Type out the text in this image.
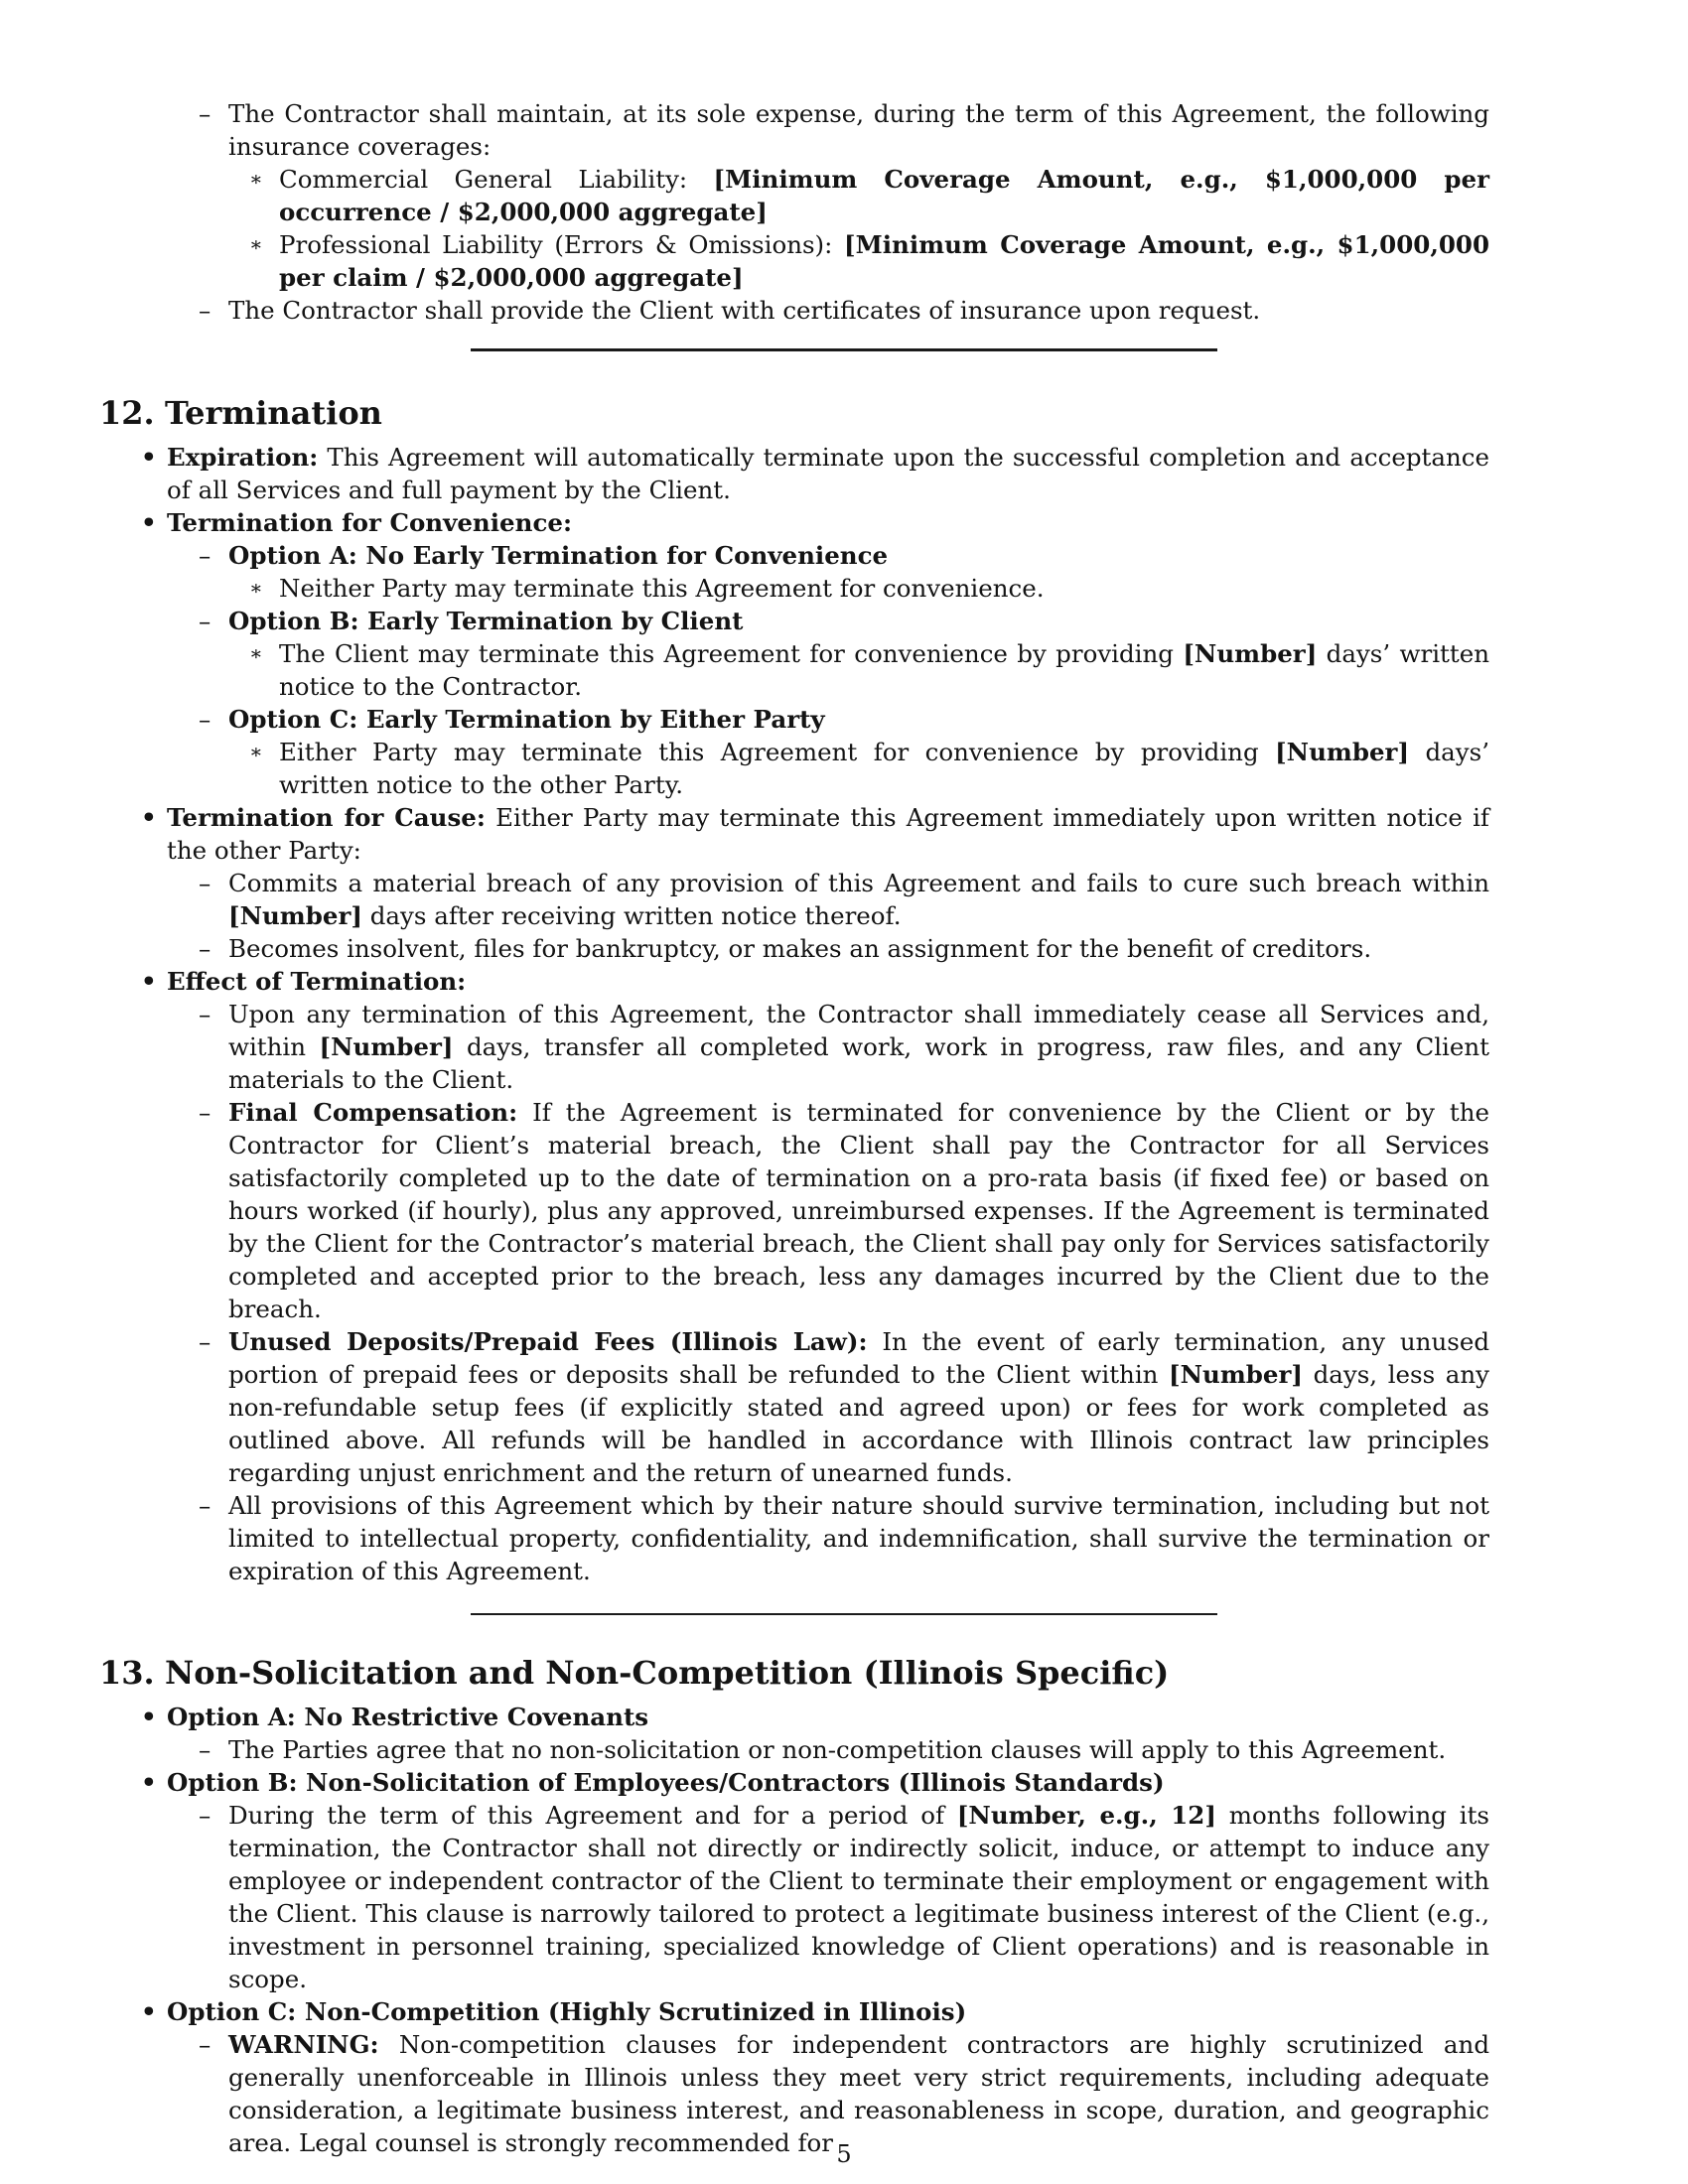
– The Contractor shall maintain, at its sole expense, during the term of this Agreement, the following insurance coverages:
∗ Commercial General Liability: [Minimum Coverage Amount, e.g., $1,000,000 per occurrence / $2,000,000 aggregate]
∗ Professional Liability (Errors & Omissions): [Minimum Coverage Amount, e.g., $1,000,000 per claim / $2,000,000 aggregate]
– The Contractor shall provide the Client with certificates of insurance upon request.
12. Termination
• Expiration: This Agreement will automatically terminate upon the successful completion and acceptance of all Services and full payment by the Client.
• Termination for Convenience:
– Option A: No Early Termination for Convenience
∗ Neither Party may terminate this Agreement for convenience.
– Option B: Early Termination by Client
∗ The Client may terminate this Agreement for convenience by providing [Number] days’ written notice to the Contractor.
– Option C: Early Termination by Either Party
∗ Either Party may terminate this Agreement for convenience by providing [Number] days’ written notice to the other Party.
• Termination for Cause: Either Party may terminate this Agreement immediately upon written notice if the other Party:
– Commits a material breach of any provision of this Agreement and fails to cure such breach within [Number] days after receiving written notice thereof.
– Becomes insolvent, files for bankruptcy, or makes an assignment for the benefit of creditors.
• Effect of Termination:
– Upon any termination of this Agreement, the Contractor shall immediately cease all Services and, within [Number] days, transfer all completed work, work in progress, raw files, and any Client materials to the Client.
– Final Compensation: If the Agreement is terminated for convenience by the Client or by the Contractor for Client’s material breach, the Client shall pay the Contractor for all Services satisfactorily completed up to the date of termination on a pro-rata basis (if fixed fee) or based on hours worked (if hourly), plus any approved, unreimbursed expenses. If the Agreement is terminated by the Client for the Contractor’s material breach, the Client shall pay only for Services satisfactorily completed and accepted prior to the breach, less any damages incurred by the Client due to the breach.
– Unused Deposits/Prepaid Fees (Illinois Law): In the event of early termination, any unused portion of prepaid fees or deposits shall be refunded to the Client within [Number] days, less any non-refundable setup fees (if explicitly stated and agreed upon) or fees for work completed as outlined above. All refunds will be handled in accordance with Illinois contract law principles regarding unjust enrichment and the return of unearned funds.
– All provisions of this Agreement which by their nature should survive termination, including but not limited to intellectual property, confidentiality, and indemnification, shall survive the termination or expiration of this Agreement.
13. Non-Solicitation and Non-Competition (Illinois Specific)
• Option A: No Restrictive Covenants
– The Parties agree that no non-solicitation or non-competition clauses will apply to this Agreement.
• Option B: Non-Solicitation of Employees/Contractors (Illinois Standards)
– During the term of this Agreement and for a period of [Number, e.g., 12] months following its termination, the Contractor shall not directly or indirectly solicit, induce, or attempt to induce any employee or independent contractor of the Client to terminate their employment or engagement with the Client. This clause is narrowly tailored to protect a legitimate business interest of the Client (e.g., investment in personnel training, specialized knowledge of Client operations) and is reasonable in scope.
• Option C: Non-Competition (Highly Scrutinized in Illinois)
– WARNING: Non-competition clauses for independent contractors are highly scrutinized and generally unenforceable in Illinois unless they meet very strict requirements, including adequate consideration, a legitimate business interest, and reasonableness in scope, duration, and geographic area. Legal counsel is strongly recommended for 5
